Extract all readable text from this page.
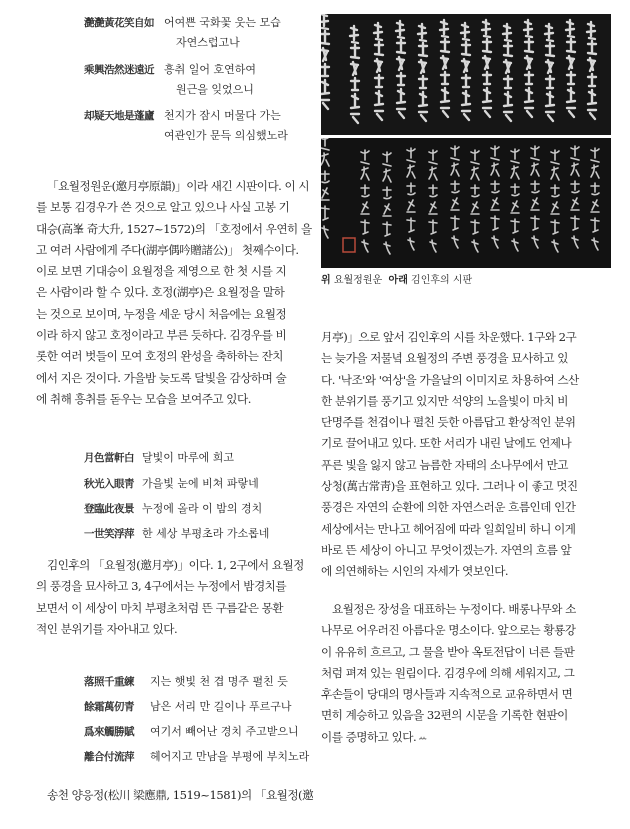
灔灔黃花笑自如 어여쁜 국화꽃 웃는 모습
자연스럽고나
乘興浩然迷遠近 흥취 일어 호연하여
원근을 잊었으니
却疑天地是蓬廬 천지가 잠시 머물다 가는
여관인가 문득 의심했노라
「요월정원운(邀月亭原韻)」이라 새긴 시판이다. 이 시
를 보통 김경우가 쓴 것으로 알고 있으나 사실 고봉 기
대승(高峯 奇大升, 1527~1572)의 「호정에서 우연히 을
고 여러 사람에게 주다(湖亭偶吟贈諸公)」 첫째수이다.
이로 보면 기대승이 요월정을 제영으로 한 첫 시를 지
은 사람이라 할 수 있다. 호정(湖亭)은 요월정을 말하
는 것으로 보이며, 누정을 세운 당시 처음에는 요월정
이라 하지 않고 호정이라고 부른 듯하다. 김경우를 비
롯한 여러 벗들이 모여 호정의 완성을 축하하는 잔치
에서 지은 것이다. 가을밤 늦도록 달빛을 감상하며 술
에 취해 흥취를 돋우는 모습을 보여주고 있다.
月色當軒白 달빛이 마루에 희고
秋光入眼靑 가을빛 눈에 비쳐 파랗네
登臨此夜景 누정에 올라 이 밤의 경치
一世笑浮萍 한 세상 부평초라 가소롭네
김인후의 「요월정(邀月亭)」이다. 1, 2구에서 요월정
의 풍경을 묘사하고 3, 4구에서는 누정에서 밤경치를
보면서 이 세상이 마치 부평초처럼 뜬 구름같은 몽환
적인 분위기를 자아내고 있다.
落照千重練	지는 햇빛 천 겹 명주 펼친 듯
餘霜萬仞青	남은 서리 만 길이나 푸르구나
爲來觸勝賦	여기서 빼어난 경치 주고받으니
離合付流萍	헤어지고 만남을 부평에 부치노라
송천 양응정(松川 梁應鼎, 1519~1581)의 「요월정(邀
위 요월정원운 아래 김인후의 시판
月亭)」으로 앞서 김인후의 시를 차운했다. 1구와 2구
는 늦가을 저물녘 요월정의 주변 풍경을 묘사하고 있
다. '낙조'와 '여상'을 가을날의 이미지로 차용하여 스산
한 분위기를 풍기고 있지만 석양의 노을빛이 마치 비
단명주를 천겹이나 펼친 듯한 아름답고 환상적인 분위
기로 끌어내고 있다. 또한 서리가 내린 날에도 언제나
푸른 빛을 잃지 않고 늠름한 자태의 소나무에서 만고
상청(萬古常靑)을 표현하고 있다. 그러나 이 좋고 멋진
풍경은 자연의 순환에 의한 자연스러운 흐름인데 인간
세상에서는 만나고 헤어짐에 따라 일희일비 하니 이게
바로 뜬 세상이 아니고 무엇이겠는가. 자연의 흐름 앞
에 의연해하는 시인의 자세가 엿보인다.
요월정은 장성을 대표하는 누정이다. 배롱나무와 소
나무로 어우러진 아름다운 명소이다. 앞으로는 황룡강
이 유유히 흐르고, 그 물을 받아 옥토전답이 너른 들판
처럼 펴져 있는 원림이다. 김경우에 의해 세워지고, 그
후손들이 당대의 명사들과 지속적으로 교유하면서 면
면히 계승하고 있음을 32편의 시문을 기록한 현판이
이를 증명하고 있다. ꕀ
